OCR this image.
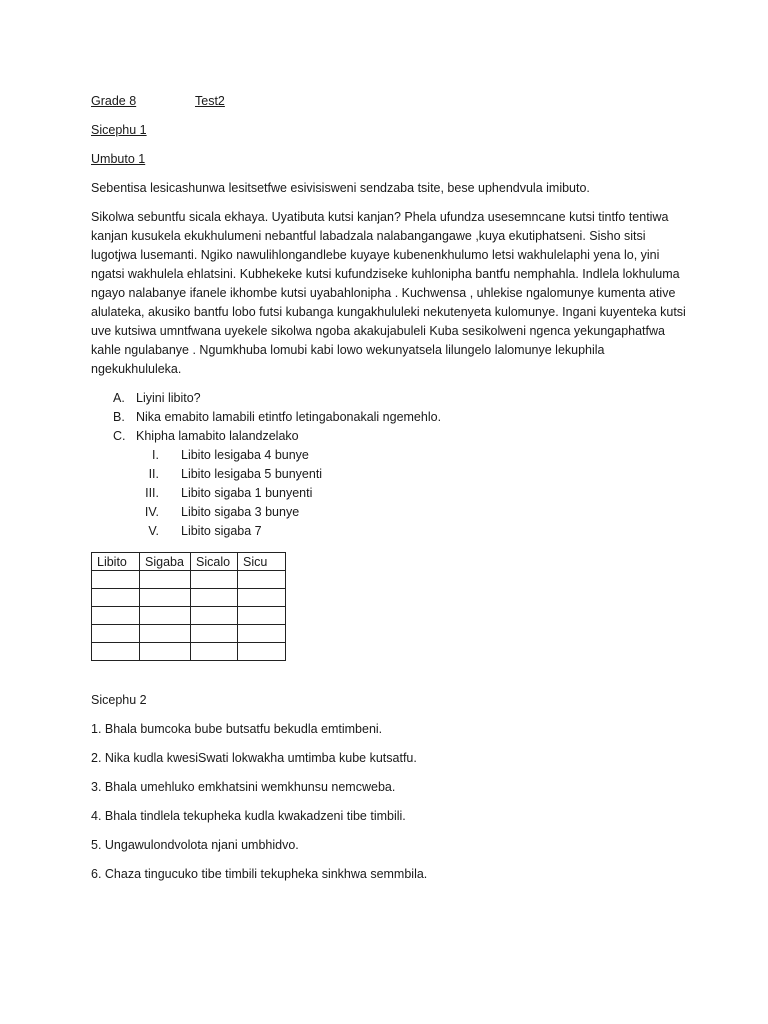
Grade 8	Test2
Sicephu 1
Umbuto 1
Sebentisa lesicashunwa lesitsetfwe esivisisweni sendzaba tsite, bese uphendvula imibuto.
Sikolwa sebuntfu sicala ekhaya. Uyatibuta kutsi kanjan? Phela ufundza usesemncane kutsi tintfo tentiwa kanjan kusukela ekukhulumeni nebantful labadzala nalabangangawe ,kuya ekutiphatseni. Sisho sitsi lugotjwa lusemanti. Ngiko nawulihlongandlebe kuyaye kubenenkhulumo letsi wakhulelaphi yena lo, yini ngatsi wakhulela ehlatsini. Kubhekeke kutsi kufundziseke kuhlonipha bantfu nemphahla. Indlela lokhuluma ngayo nalabanye ifanele ikhombe kutsi uyabahlonipha . Kuchwensa , uhlekise ngalomunye kumenta ative alulateka, akusiko bantfu lobo futsi kubanga kungakhululeki nekutenyeta kulomunye. Ingani kuyenteka kutsi uve kutsiwa umntfwana uyekele sikolwa ngoba akakujabuleli Kuba sesikolweni ngenca yekungaphatfwa kahle ngulabanye . Ngumkhuba lomubi kabi lowo wekunyatsela lilungelo lalomunye lekuphila ngekukhululeka.
A. Liyini libito?
B. Nika emabito lamabili etintfo letingabonakali ngemehlo.
C. Khipha lamabito lalandzelako
I.	Libito lesigaba 4 bunye
II.	Libito lesigaba 5 bunyenti
III.	Libito sigaba 1 bunyenti
IV.	Libito sigaba 3 bunye
V.	Libito sigaba 7
Libito	Sigaba	Sicalo	Sicu

Sicephu 2
1. Bhala bumcoka bube butsatfu bekudla emtimbeni.
2. Nika kudla kwesiSwati lokwakha umtimba kube kutsatfu.
3. Bhala umehluko emkhatsini wemkhunsu nemcweba.
4. Bhala tindlela tekupheka kudla kwakadzeni tibe timbili.
5. Ungawulondvolota njani umbhidvo.
6. Chaza tingucuko tibe timbili tekupheka sinkhwa semmbila.
